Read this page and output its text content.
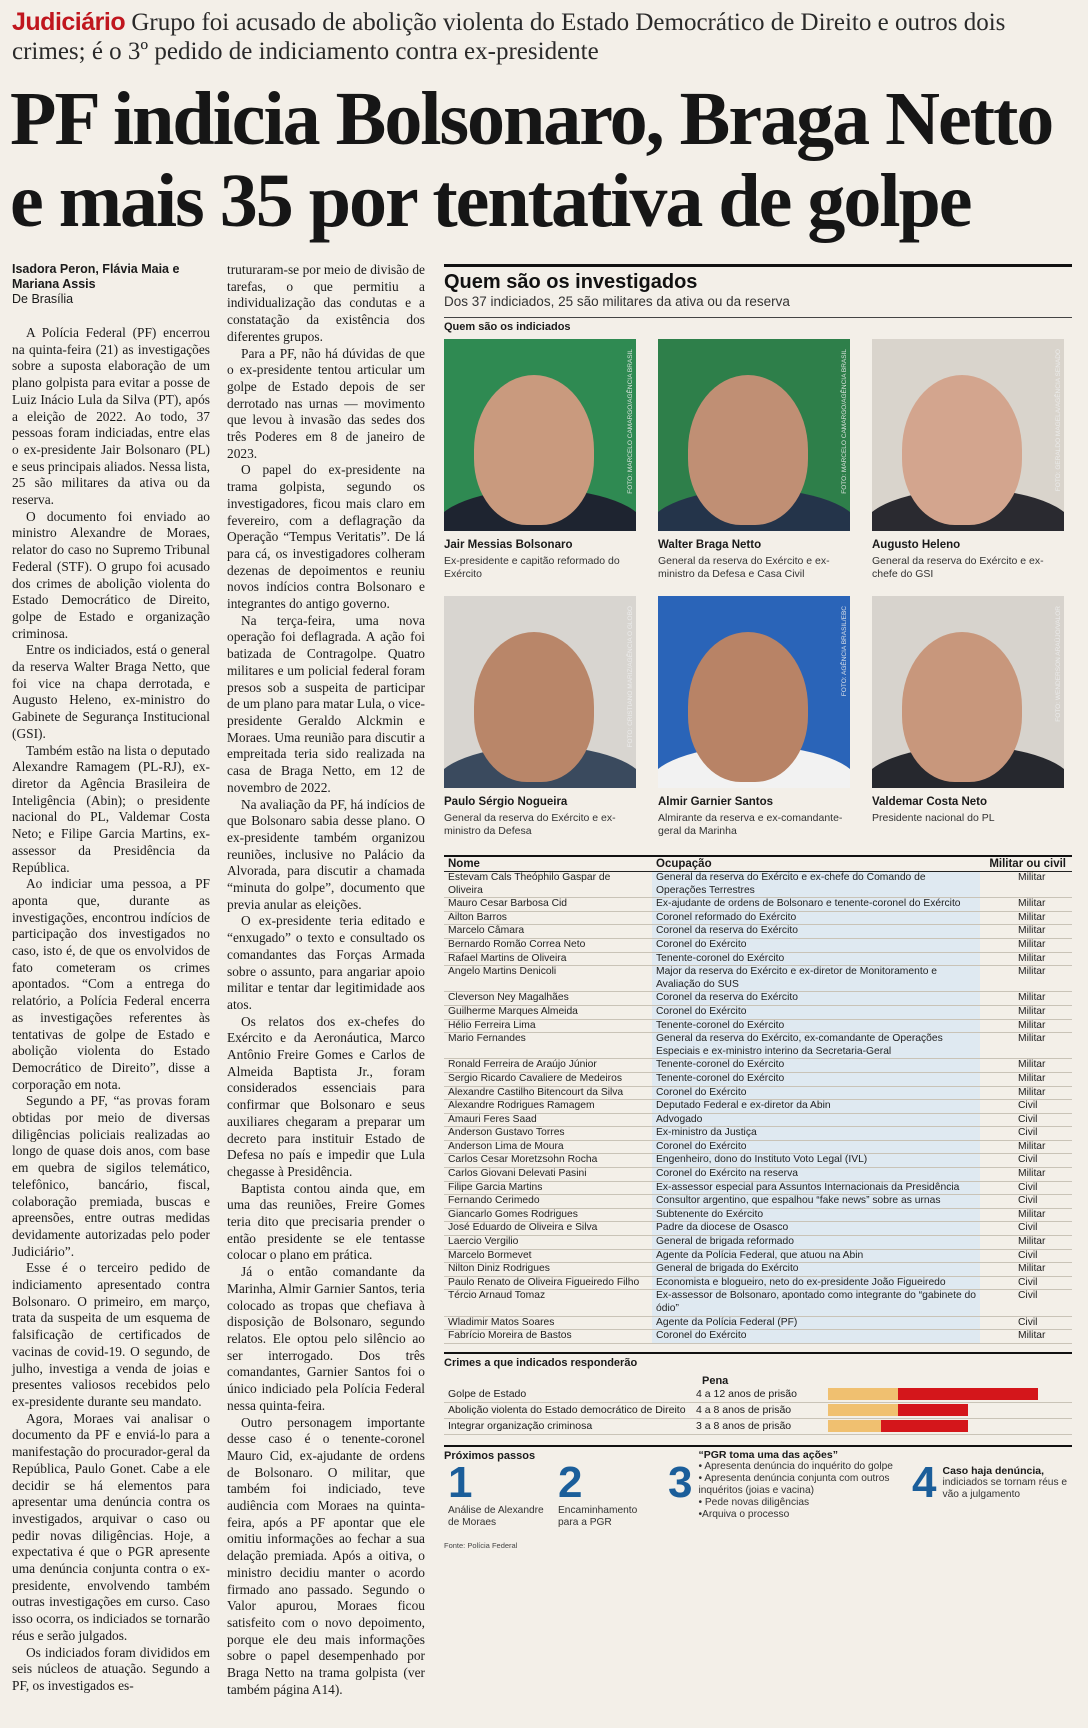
Judiciário Grupo foi acusado de abolição violenta do Estado Democrático de Direito e outros dois crimes; é o 3º pedido de indiciamento contra ex-presidente
PF indicia Bolsonaro, Braga Netto e mais 35 por tentativa de golpe

Isadora Peron, Flávia Maia e Mariana Assis

De Brasília

A Polícia Federal (PF) encerrou na quinta-feira (21) as investigações sobre a suposta elaboração de um plano golpista para evitar a posse de Luiz Inácio Lula da Silva (PT), após a eleição de 2022. Ao todo, 37 pessoas foram indiciadas, entre elas o ex-presidente Jair Bolsonaro (PL) e seus principais aliados. Nessa lista, 25 são militares da ativa ou da reserva.

O documento foi enviado ao ministro Alexandre de Moraes, relator do caso no Supremo Tribunal Federal (STF). O grupo foi acusado dos crimes de abolição violenta do Estado Democrático de Direito, golpe de Estado e organização criminosa.

Entre os indiciados, está o general da reserva Walter Braga Netto, que foi vice na chapa derrotada, e Augusto Heleno, ex-ministro do Gabinete de Segurança Institucional (GSI).

Também estão na lista o deputado Alexandre Ramagem (PL-RJ), ex-diretor da Agência Brasileira de Inteligência (Abin); o presidente nacional do PL, Valdemar Costa Neto; e Filipe Garcia Martins, ex-assessor da Presidência da República.

Ao indiciar uma pessoa, a PF aponta que, durante as investigações, encontrou indícios de participação dos investigados no caso, isto é, de que os envolvidos de fato cometeram os crimes apontados. “Com a entrega do relatório, a Polícia Federal encerra as investigações referentes às tentativas de golpe de Estado e abolição violenta do Estado Democrático de Direito”, disse a corporação em nota.

Segundo a PF, “as provas foram obtidas por meio de diversas diligências policiais realizadas ao longo de quase dois anos, com base em quebra de sigilos telemático, telefônico, bancário, fiscal, colaboração premiada, buscas e apreensões, entre outras medidas devidamente autorizadas pelo poder Judiciário”.

Esse é o terceiro pedido de indiciamento apresentado contra Bolsonaro. O primeiro, em março, trata da suspeita de um esquema de falsificação de certificados de vacinas de covid-19. O segundo, de julho, investiga a venda de joias e presentes valiosos recebidos pelo ex-presidente durante seu mandato.

Agora, Moraes vai analisar o documento da PF e enviá-lo para a manifestação do procurador-geral da República, Paulo Gonet. Cabe a ele decidir se há elementos para apresentar uma denúncia contra os investigados, arquivar o caso ou pedir novas diligências. Hoje, a expectativa é que o PGR apresente uma denúncia conjunta contra o ex-presidente, envolvendo também outras investigações em curso. Caso isso ocorra, os indiciados se tornarão réus e serão julgados.

Os indiciados foram divididos em seis núcleos de atuação. Segundo a PF, os investigados es-

truturaram-se por meio de divisão de tarefas, o que permitiu a individualização das condutas e a constatação da existência dos diferentes grupos.

Para a PF, não há dúvidas de que o ex-presidente tentou articular um golpe de Estado depois de ser derrotado nas urnas — movimento que levou à invasão das sedes dos três Poderes em 8 de janeiro de 2023.

O papel do ex-presidente na trama golpista, segundo os investigadores, ficou mais claro em fevereiro, com a deflagração da Operação “Tempus Veritatis”. De lá para cá, os investigadores colheram dezenas de depoimentos e reuniu novos indícios contra Bolsonaro e integrantes do antigo governo.

Na terça-feira, uma nova operação foi deflagrada. A ação foi batizada de Contragolpe. Quatro militares e um policial federal foram presos sob a suspeita de participar de um plano para matar Lula, o vice-presidente Geraldo Alckmin e Moraes. Uma reunião para discutir a empreitada teria sido realizada na casa de Braga Netto, em 12 de novembro de 2022.

Na avaliação da PF, há indícios de que Bolsonaro sabia desse plano. O ex-presidente também organizou reuniões, inclusive no Palácio da Alvorada, para discutir a chamada “minuta do golpe”, documento que previa anular as eleições.

O ex-presidente teria editado e “enxugado” o texto e consultado os comandantes das Forças Armada sobre o assunto, para angariar apoio militar e tentar dar legitimidade aos atos.

Os relatos dos ex-chefes do Exército e da Aeronáutica, Marco Antônio Freire Gomes e Carlos de Almeida Baptista Jr., foram considerados essenciais para confirmar que Bolsonaro e seus auxiliares chegaram a preparar um decreto para instituir Estado de Defesa no país e impedir que Lula chegasse à Presidência.

Baptista contou ainda que, em uma das reuniões, Freire Gomes teria dito que precisaria prender o então presidente se ele tentasse colocar o plano em prática.

Já o então comandante da Marinha, Almir Garnier Santos, teria colocado as tropas que chefiava à disposição de Bolsonaro, segundo relatos. Ele optou pelo silêncio ao ser interrogado. Dos três comandantes, Garnier Santos foi o único indiciado pela Polícia Federal nessa quinta-feira.

Outro personagem importante desse caso é o tenente-coronel Mauro Cid, ex-ajudante de ordens de Bolsonaro. O militar, que também foi indiciado, teve audiência com Moraes na quinta-feira, após a PF apontar que ele omitiu informações ao fechar a sua delação premiada. Após a oitiva, o ministro decidiu manter o acordo firmado ano passado. Segundo o Valor apurou, Moraes ficou satisfeito com o novo depoimento, porque ele deu mais informações sobre o papel desempenhado por Braga Netto na trama golpista (ver também página A14).

Quem são os investigados
Dos 37 indiciados, 25 são militares da ativa ou da reserva
Quem são os indiciados
FOTO: MARCELO CAMARGO/AGÊNCIA BRASIL
Jair Messias Bolsonaro
Ex-presidente e capitão reformado do Exército
FOTO: MARCELO CAMARGO/AGÊNCIA BRASIL
Walter Braga Netto
General da reserva do Exército e ex-ministro da Defesa e Casa Civil
FOTO: GERALDO MAGELA/AGÊNCIA SENADO
Augusto Heleno
General da reserva do Exército e ex-chefe do GSI
FOTO: CRISTIANO MARIZ/AGÊNCIA O GLOBO
Paulo Sérgio Nogueira
General da reserva do Exército e ex-ministro da Defesa
FOTO: AGÊNCIA BRASIL/EBC
Almir Garnier Santos
Almirante da reserva e ex-comandante-geral da Marinha
FOTO: WENDERSON ARAÚJO/VALOR
Valdemar Costa Neto
Presidente nacional do PL
Nome	Ocupação	Militar ou civil
Estevam Cals Theóphilo Gaspar de Oliveira	General da reserva do Exército e ex-chefe do Comando de Operações Terrestres	Militar
Mauro Cesar Barbosa Cid	Ex-ajudante de ordens de Bolsonaro e tenente-coronel do Exército	Militar
Ailton Barros	Coronel reformado do Exército	Militar
Marcelo Câmara	Coronel da reserva do Exército	Militar
Bernardo Romão Correa Neto	Coronel do Exército	Militar
Rafael Martins de Oliveira	Tenente-coronel do Exército	Militar
Angelo Martins Denicoli	Major da reserva do Exército e ex-diretor de Monitoramento e Avaliação do SUS	Militar
Cleverson Ney Magalhães	Coronel da reserva do Exército	Militar
Guilherme Marques Almeida	Coronel do Exército	Militar
Hélio Ferreira Lima	Tenente-coronel do Exército	Militar
Mario Fernandes	General da reserva do Exército, ex-comandante de Operações Especiais e ex-ministro interino da Secretaria-Geral	Militar
Ronald Ferreira de Araújo Júnior	Tenente-coronel do Exército	Militar
Sergio Ricardo Cavaliere de Medeiros	Tenente-coronel do Exército	Militar
Alexandre Castilho Bitencourt da Silva	Coronel do Exército	Militar
Alexandre Rodrigues Ramagem	Deputado Federal e ex-diretor da Abin	Civil
Amauri Feres Saad	Advogado	Civil
Anderson Gustavo Torres	Ex-ministro da Justiça	Civil
Anderson Lima de Moura	Coronel do Exército	Militar
Carlos Cesar Moretzsohn Rocha	Engenheiro, dono do Instituto Voto Legal (IVL)	Civil
Carlos Giovani Delevati Pasini	Coronel do Exército na reserva	Militar
Filipe Garcia Martins	Ex-assessor especial para Assuntos Internacionais da Presidência	Civil
Fernando Cerimedo	Consultor argentino, que espalhou “fake news” sobre as urnas	Civil
Giancarlo Gomes Rodrigues	Subtenente do Exército	Militar
José Eduardo de Oliveira e Silva	Padre da diocese de Osasco	Civil
Laercio Vergilio	General de brigada reformado	Militar
Marcelo Bormevet	Agente da Polícia Federal, que atuou na Abin	Civil
Nilton Diniz Rodrigues	General de brigada do Exército	Militar
Paulo Renato de Oliveira Figueiredo Filho	Economista e blogueiro, neto do ex-presidente João Figueiredo	Civil
Tércio Arnaud Tomaz	Ex-assessor de Bolsonaro, apontado como integrante do “gabinete do ódio”	Civil
Wladimir Matos Soares	Agente da Polícia Federal (PF)	Civil
Fabrício Moreira de Bastos	Coronel do Exército	Militar
Crimes a que indicados responderão
Pena
Golpe de Estado	4 a 12 anos de prisão
Abolição violenta do Estado democrático de Direito 4 a 8 anos de prisão
Integrar organização criminosa	3 a 8 anos de prisão
Próximos passos
1
Análise de Alexandre de Moraes
2
Encaminhamento para a PGR
3
“PGR toma uma das ações”
• Apresenta denúncia do inquérito do golpe
• Apresenta denúncia conjunta com outros inquéritos (joias e vacina)
• Pede novas diligências
•Arquiva o processo
4 Caso haja denúncia,
indiciados se tornam réus e vão a julgamento
Fonte: Polícia Federal
